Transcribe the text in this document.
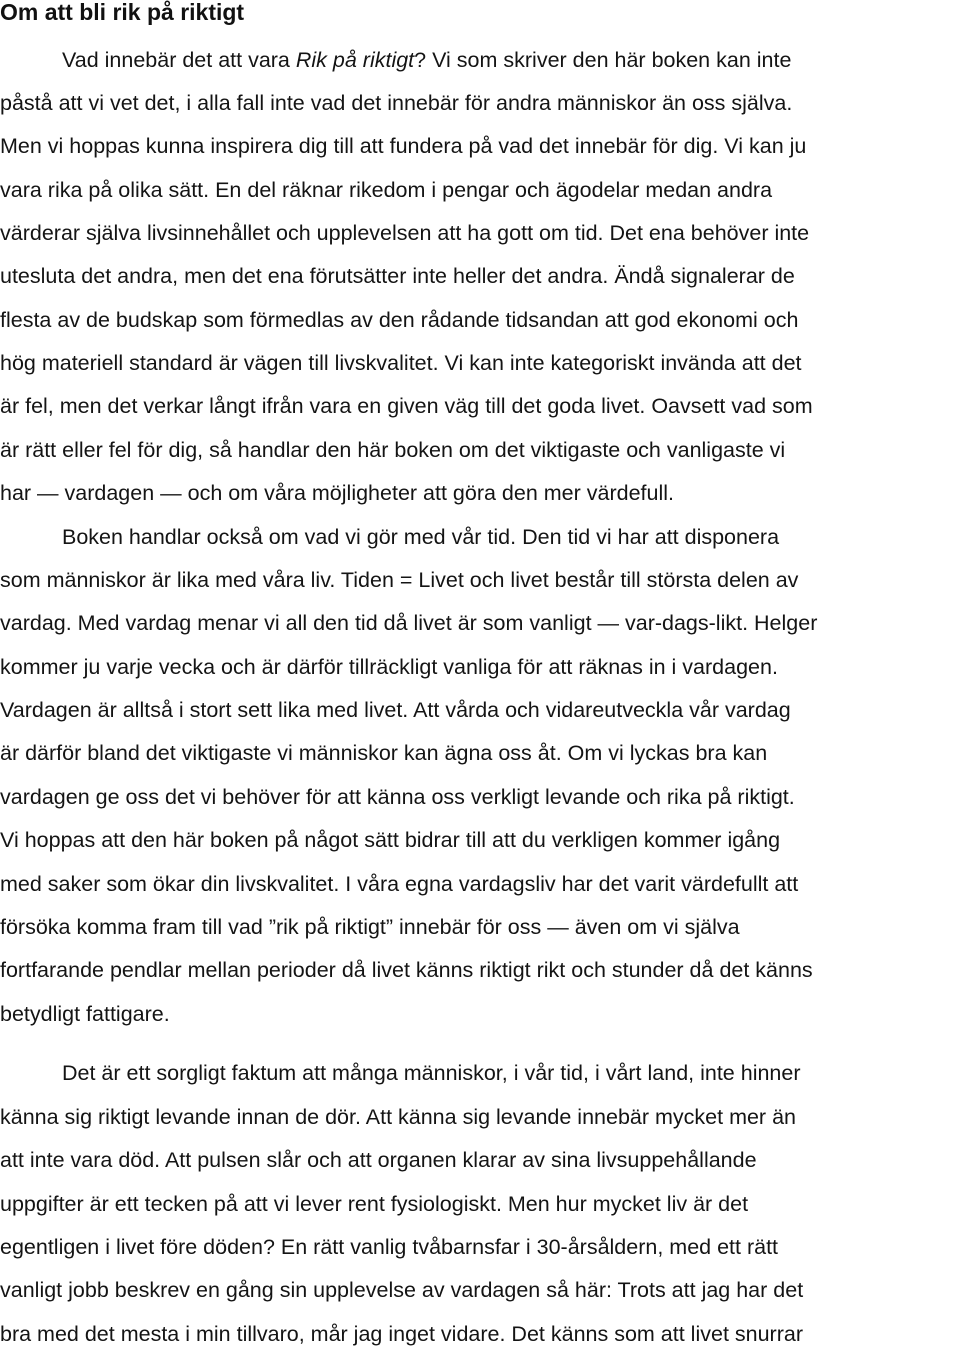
Om att bli rik på riktigt
Vad innebär det att vara Rik på riktigt? Vi som skriver den här boken kan inte
påstå att vi vet det, i alla fall inte vad det innebär för andra människor än oss själva.
Men vi hoppas kunna inspirera dig till att fundera på vad det innebär för dig. Vi kan ju
vara rika på olika sätt. En del räknar rikedom i pengar och ägodelar medan andra
värderar själva livsinnehållet och upplevelsen att ha gott om tid. Det ena behöver inte
utesluta det andra, men det ena förutsätter inte heller det andra. Ändå signalerar de
flesta av de budskap som förmedlas av den rådande tidsandan att god ekonomi och
hög materiell standard är vägen till livskvalitet. Vi kan inte kategoriskt invända att det
är fel, men det verkar långt ifrån vara en given väg till det goda livet. Oavsett vad som
är rätt eller fel för dig, så handlar den här boken om det viktigaste och vanligaste vi
har — vardagen — och om våra möjligheter att göra den mer värdefull.
Boken handlar också om vad vi gör med vår tid. Den tid vi har att disponera
som människor är lika med våra liv. Tiden = Livet och livet består till största delen av
vardag. Med vardag menar vi all den tid då livet är som vanligt — var-dags-likt. Helger
kommer ju varje vecka och är därför tillräckligt vanliga för att räknas in i vardagen.
Vardagen är alltså i stort sett lika med livet. Att vårda och vidareutveckla vår vardag
är därför bland det viktigaste vi människor kan ägna oss åt. Om vi lyckas bra kan
vardagen ge oss det vi behöver för att känna oss verkligt levande och rika på riktigt.
Vi hoppas att den här boken på något sätt bidrar till att du verkligen kommer igång
med saker som ökar din livskvalitet. I våra egna vardagsliv har det varit värdefullt att
försöka komma fram till vad ”rik på riktigt” innebär för oss — även om vi själva
fortfarande pendlar mellan perioder då livet känns riktigt rikt och stunder då det känns
betydligt fattigare.
Det är ett sorgligt faktum att många människor, i vår tid, i vårt land, inte hinner
känna sig riktigt levande innan de dör. Att känna sig levande innebär mycket mer än
att inte vara död. Att pulsen slår och att organen klarar av sina livsuppehållande
uppgifter är ett tecken på att vi lever rent fysiologiskt. Men hur mycket liv är det
egentligen i livet före döden? En rätt vanlig tvåbarnsfar i 30-årsåldern, med ett rätt
vanligt jobb beskrev en gång sin upplevelse av vardagen så här: Trots att jag har det
bra med det mesta i min tillvaro, mår jag inget vidare. Det känns som att livet snurrar
